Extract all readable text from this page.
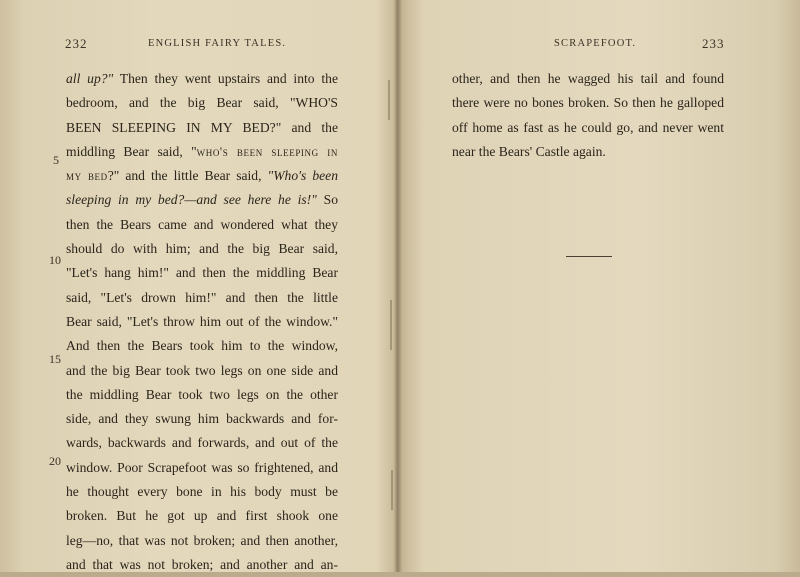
232	ENGLISH FAIRY TALES.
all up?" Then they went upstairs and into the
bedroom, and the big Bear said, "WHO'S
BEEN SLEEPING IN MY BED?" and the
middling Bear said, "who's been sleeping in
my bed?" and the little Bear said, "Who's been
sleeping in my bed?—and see here he is!" So
then the Bears came and wondered what they
should do with him; and the big Bear said,
"Let's hang him!" and then the middling Bear
said, "Let's drown him!" and then the little
Bear said, "Let's throw him out of the window."
And then the Bears took him to the window,
and the big Bear took two legs on one side and
the middling Bear took two legs on the other
side, and they swung him backwards and for-
wards, backwards and forwards, and out of the
window. Poor Scrapefoot was so frightened, and
he thought every bone in his body must be
broken. But he got up and first shook one
leg—no, that was not broken; and then another,
and that was not broken; and another and an-
5
10
15
20
SCRAPEFOOT.	233
other, and then he wagged his tail and found
there were no bones broken. So then he galloped
off home as fast as he could go, and never went
near the Bears' Castle again.
